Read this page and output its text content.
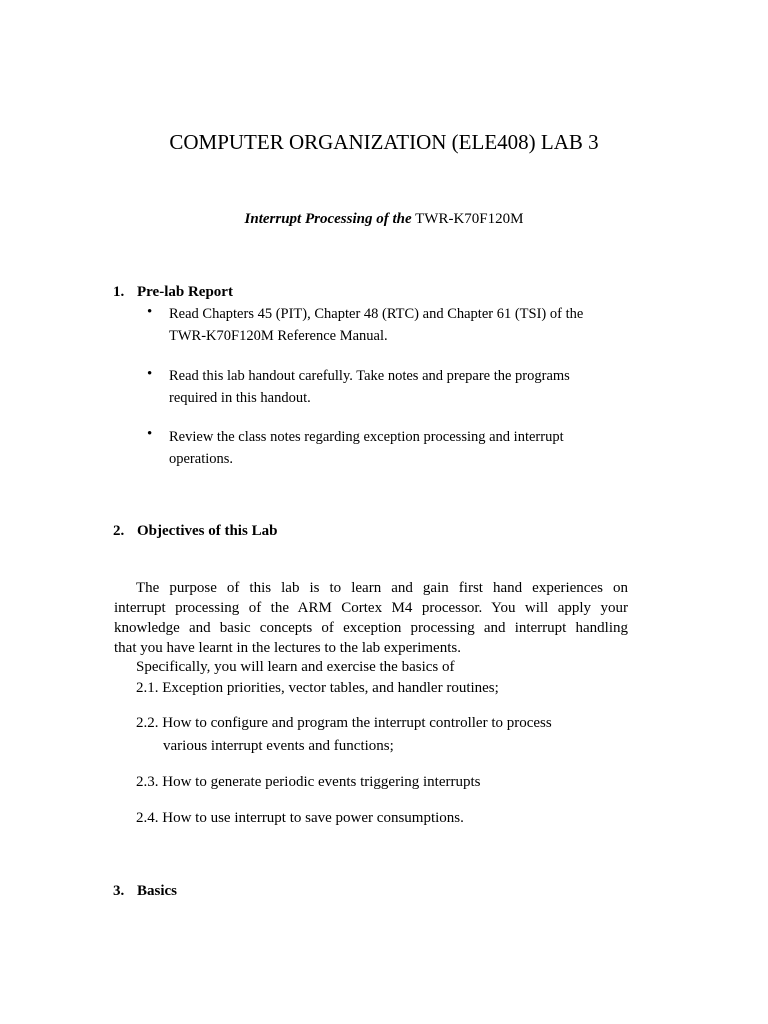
COMPUTER ORGANIZATION (ELE408) LAB 3
Interrupt Processing of the TWR-K70F120M
1. Pre-lab Report
• Read Chapters 45 (PIT), Chapter 48 (RTC) and Chapter 61 (TSI) of the
TWR-K70F120M Reference Manual.
• Read this lab handout carefully. Take notes and prepare the programs
required in this handout.
• Review the class notes regarding exception processing and interrupt
operations.
2. Objectives of this Lab
The purpose of this lab is to learn and gain first hand experiences on
interrupt processing of the ARM Cortex M4 processor. You will apply your
knowledge and basic concepts of exception processing and interrupt handling
that you have learnt in the lectures to the lab experiments.
Specifically, you will learn and exercise the basics of
2.1. Exception priorities, vector tables, and handler routines;
2.2. How to configure and program the interrupt controller to process
various interrupt events and functions;
2.3. How to generate periodic events triggering interrupts
2.4. How to use interrupt to save power consumptions.
3. Basics
